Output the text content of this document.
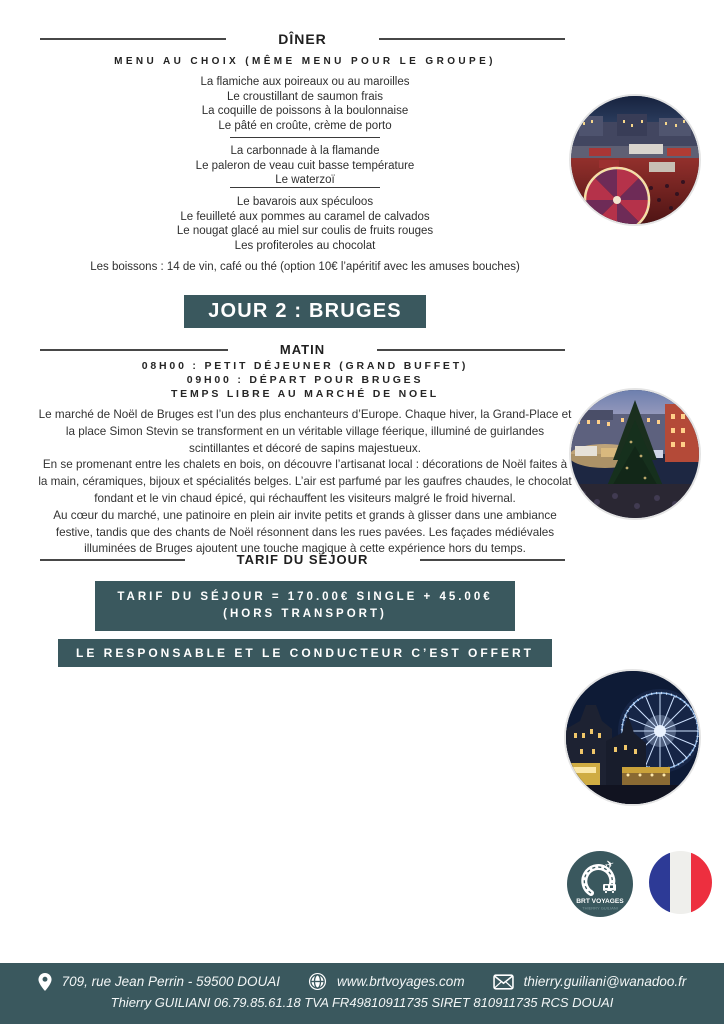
DÎNER
MENU AU CHOIX (MÊME MENU POUR LE GROUPE)
La flamiche aux poireaux ou au maroilles
Le croustillant de saumon frais
La coquille de poissons à la boulonnaise
Le pâté en croûte, crème de porto
La carbonnade à la flamande
Le paleron de veau cuit basse température
Le waterzoï
Le bavarois aux spéculoos
Le feuilleté aux pommes au caramel de calvados
Le nougat glacé au miel sur coulis de fruits rouges
Les profiteroles au chocolat
Les boissons : 14 de vin, café ou thé (option 10€ l’apéritif avec les amuses bouches)
JOUR 2 : BRUGES
MATIN
08H00 : PETIT DÉJEUNER (GRAND BUFFET)
09H00 : DÉPART POUR BRUGES
TEMPS LIBRE AU MARCHÉ DE NOEL

Le marché de Noël de Bruges est l’un des plus enchanteurs d’Europe. Chaque hiver, la Grand-Place et la place Simon Stevin se transforment en un véritable village féerique, illuminé de guirlandes scintillantes et décoré de sapins majestueux.

En se promenant entre les chalets en bois, on découvre l’artisanat local : décorations de Noël faites à la main, céramiques, bijoux et spécialités belges. L’air est parfumé par les gaufres chaudes, le chocolat fondant et le vin chaud épicé, qui réchauffent les visiteurs malgré le froid hivernal.

Au cœur du marché, une patinoire en plein air invite petits et grands à glisser dans une ambiance festive, tandis que des chants de Noël résonnent dans les rues pavées. Les façades médiévales illuminées de Bruges ajoutent une touche magique à cette expérience hors du temps.

TARIF DU SÉJOUR
TARIF DU SÉJOUR = 170.00€ SINGLE + 45.00€
(HORS TRANSPORT)
LE RESPONSABLE ET LE CONDUCTEUR C’EST OFFERT
✈
BRT VOYAGES
THIERRY GUILIANI
709, rue Jean Perrin - 59500 DOUAI	www.brtvoyages.com	thierry.guiliani@wanadoo.fr
Thierry GUILIANI 06.79.85.61.18 TVA FR49810911735 SIRET 810911735 RCS DOUAI
